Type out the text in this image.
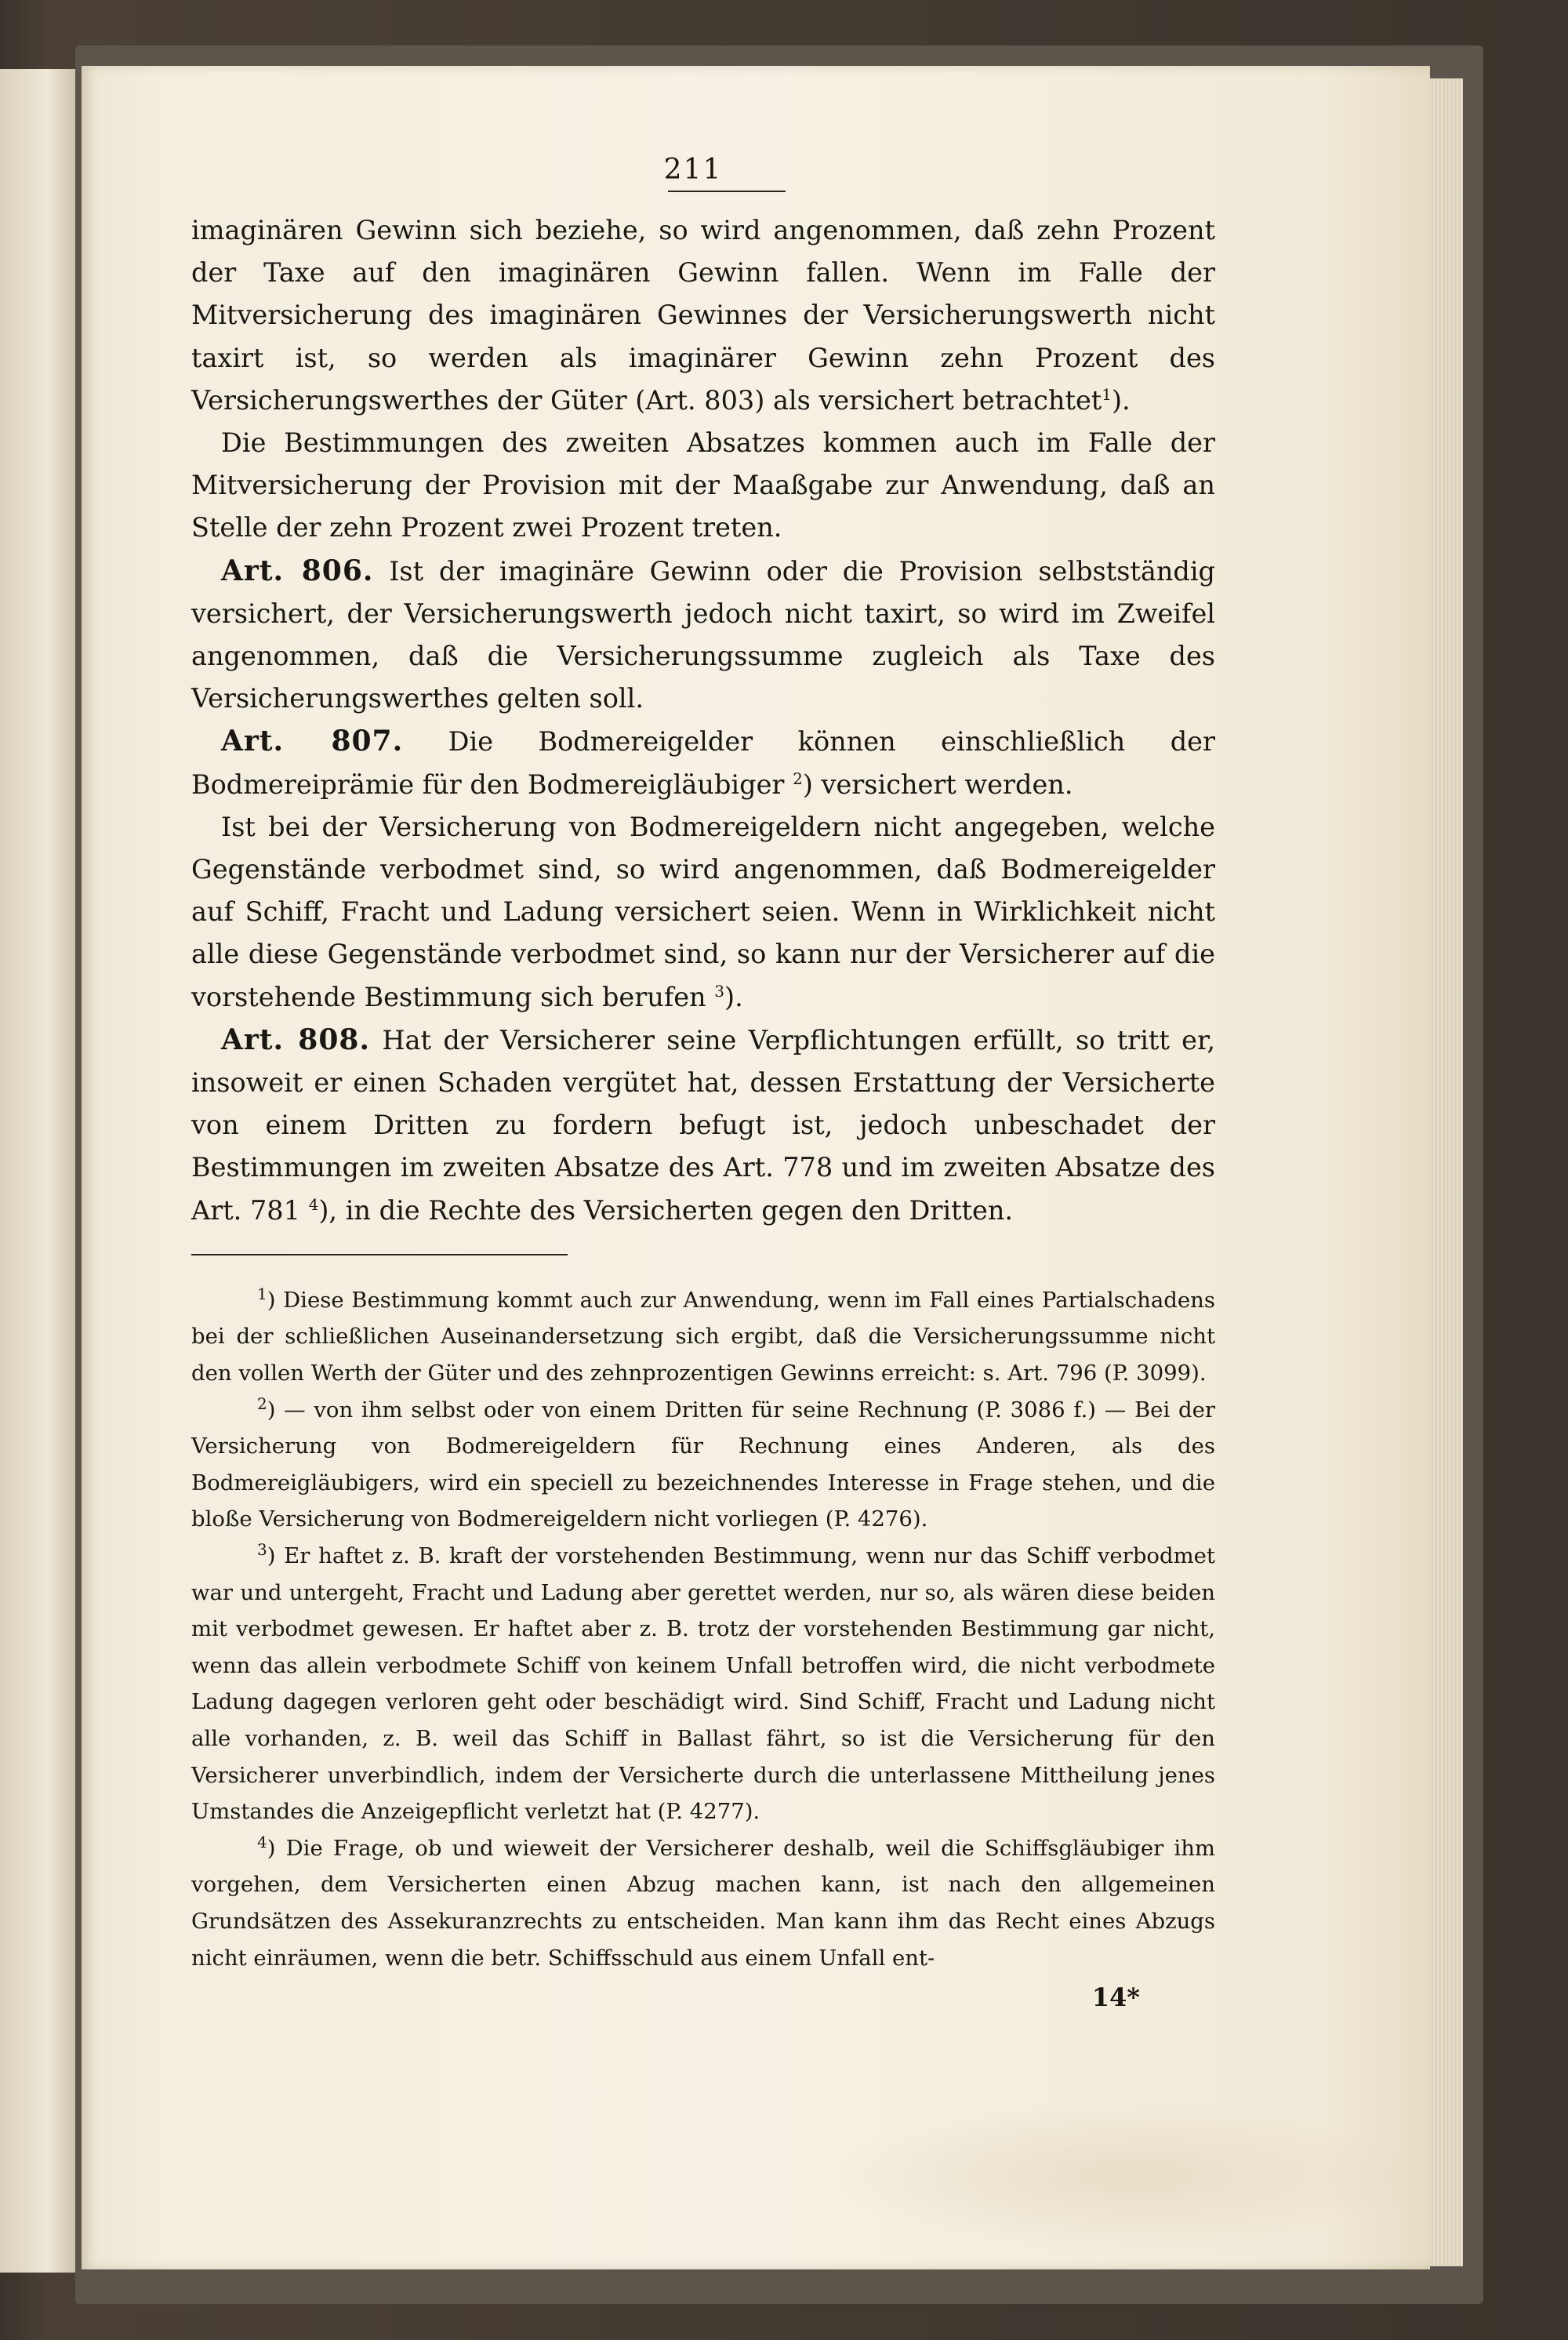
211

imaginären Gewinn sich beziehe, so wird angenommen, daß zehn Prozent der Taxe auf den imaginären Gewinn fallen. Wenn im Falle der Mitversicherung des imaginären Gewinnes der Versicherungswerth nicht taxirt ist, so werden als imaginärer Gewinn zehn Prozent des Versicherungswerthes der Güter (Art. 803) als versichert betrachtet$^1$).

Die Bestimmungen des zweiten Absatzes kommen auch im Falle der Mitversicherung der Provision mit der Maaßgabe zur Anwendung, daß an Stelle der zehn Prozent zwei Prozent treten.

Art. 806. Ist der imaginäre Gewinn oder die Provision selbstständig versichert, der Versicherungswerth jedoch nicht taxirt, so wird im Zweifel angenommen, daß die Versicherungssumme zugleich als Taxe des Versicherungswerthes gelten soll.

Art. 807. Die Bodmereigelder können einschließlich der Bodmereiprämie für den Bodmereigläubiger $^2$) versichert werden.

Ist bei der Versicherung von Bodmereigeldern nicht angegeben, welche Gegenstände verbodmet sind, so wird angenommen, daß Bodmereigelder auf Schiff, Fracht und Ladung versichert seien. Wenn in Wirklichkeit nicht alle diese Gegenstände verbodmet sind, so kann nur der Versicherer auf die vorstehende Bestimmung sich berufen $^3$).

Art. 808. Hat der Versicherer seine Verpflichtungen erfüllt, so tritt er, insoweit er einen Schaden vergütet hat, dessen Erstattung der Versicherte von einem Dritten zu fordern befugt ist, jedoch unbeschadet der Bestimmungen im zweiten Absatze des Art. 778 und im zweiten Absatze des Art. 781 $^4$), in die Rechte des Versicherten gegen den Dritten.

$^1$) Diese Bestimmung kommt auch zur Anwendung, wenn im Fall eines Partialschadens bei der schließlichen Auseinandersetzung sich ergibt, daß die Versicherungssumme nicht den vollen Werth der Güter und des zehnprozentigen Gewinns erreicht: s. Art. 796 (P. 3099).

$^2$) — von ihm selbst oder von einem Dritten für seine Rechnung (P. 3086 f.) — Bei der Versicherung von Bodmereigeldern für Rechnung eines Anderen, als des Bodmereigläubigers, wird ein speciell zu bezeichnendes Interesse in Frage stehen, und die bloße Versicherung von Bodmereigeldern nicht vorliegen (P. 4276).

$^3$) Er haftet z. B. kraft der vorstehenden Bestimmung, wenn nur das Schiff verbodmet war und untergeht, Fracht und Ladung aber gerettet werden, nur so, als wären diese beiden mit verbodmet gewesen. Er haftet aber z. B. trotz der vorstehenden Bestimmung gar nicht, wenn das allein verbodmete Schiff von keinem Unfall betroffen wird, die nicht verbodmete Ladung dagegen verloren geht oder beschädigt wird. Sind Schiff, Fracht und Ladung nicht alle vorhanden, z. B. weil das Schiff in Ballast fährt, so ist die Versicherung für den Versicherer unverbindlich, indem der Versicherte durch die unterlassene Mittheilung jenes Umstandes die Anzeigepflicht verletzt hat (P. 4277).

$^4$) Die Frage, ob und wieweit der Versicherer deshalb, weil die Schiffsgläubiger ihm vorgehen, dem Versicherten einen Abzug machen kann, ist nach den allgemeinen Grundsätzen des Assekuranzrechts zu entscheiden. Man kann ihm das Recht eines Abzugs nicht einräumen, wenn die betr. Schiffsschuld aus einem Unfall ent-

14*
